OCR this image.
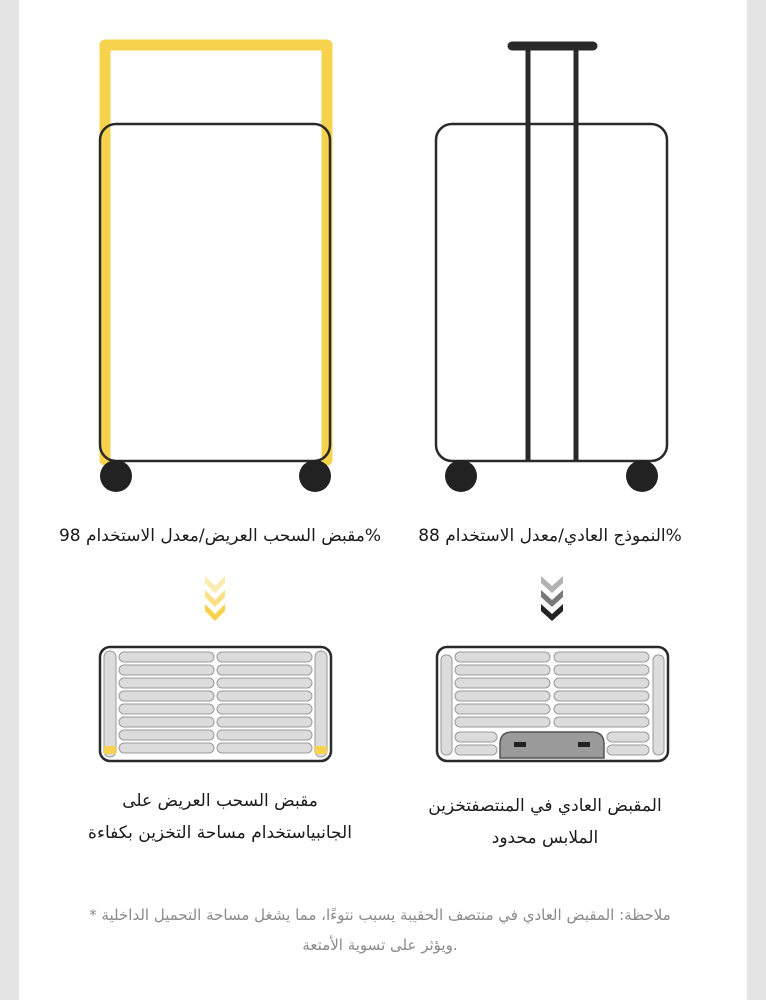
%مقبض السحب العريض/معدل الاستخدام 98	%النموذج العادي/معدل الاستخدام 88
مقبض السحب العريض على
الجانبياستخدام مساحة التخزين بكفاءة
المقبض العادي في المنتصفتخزين
الملابس محدود
ملاحظة: المقبض العادي في منتصف الحقيبة يسبب نتوءًا، مما يشغل مساحة التحميل الداخلية *
.ويؤثر على تسوية الأمتعة
